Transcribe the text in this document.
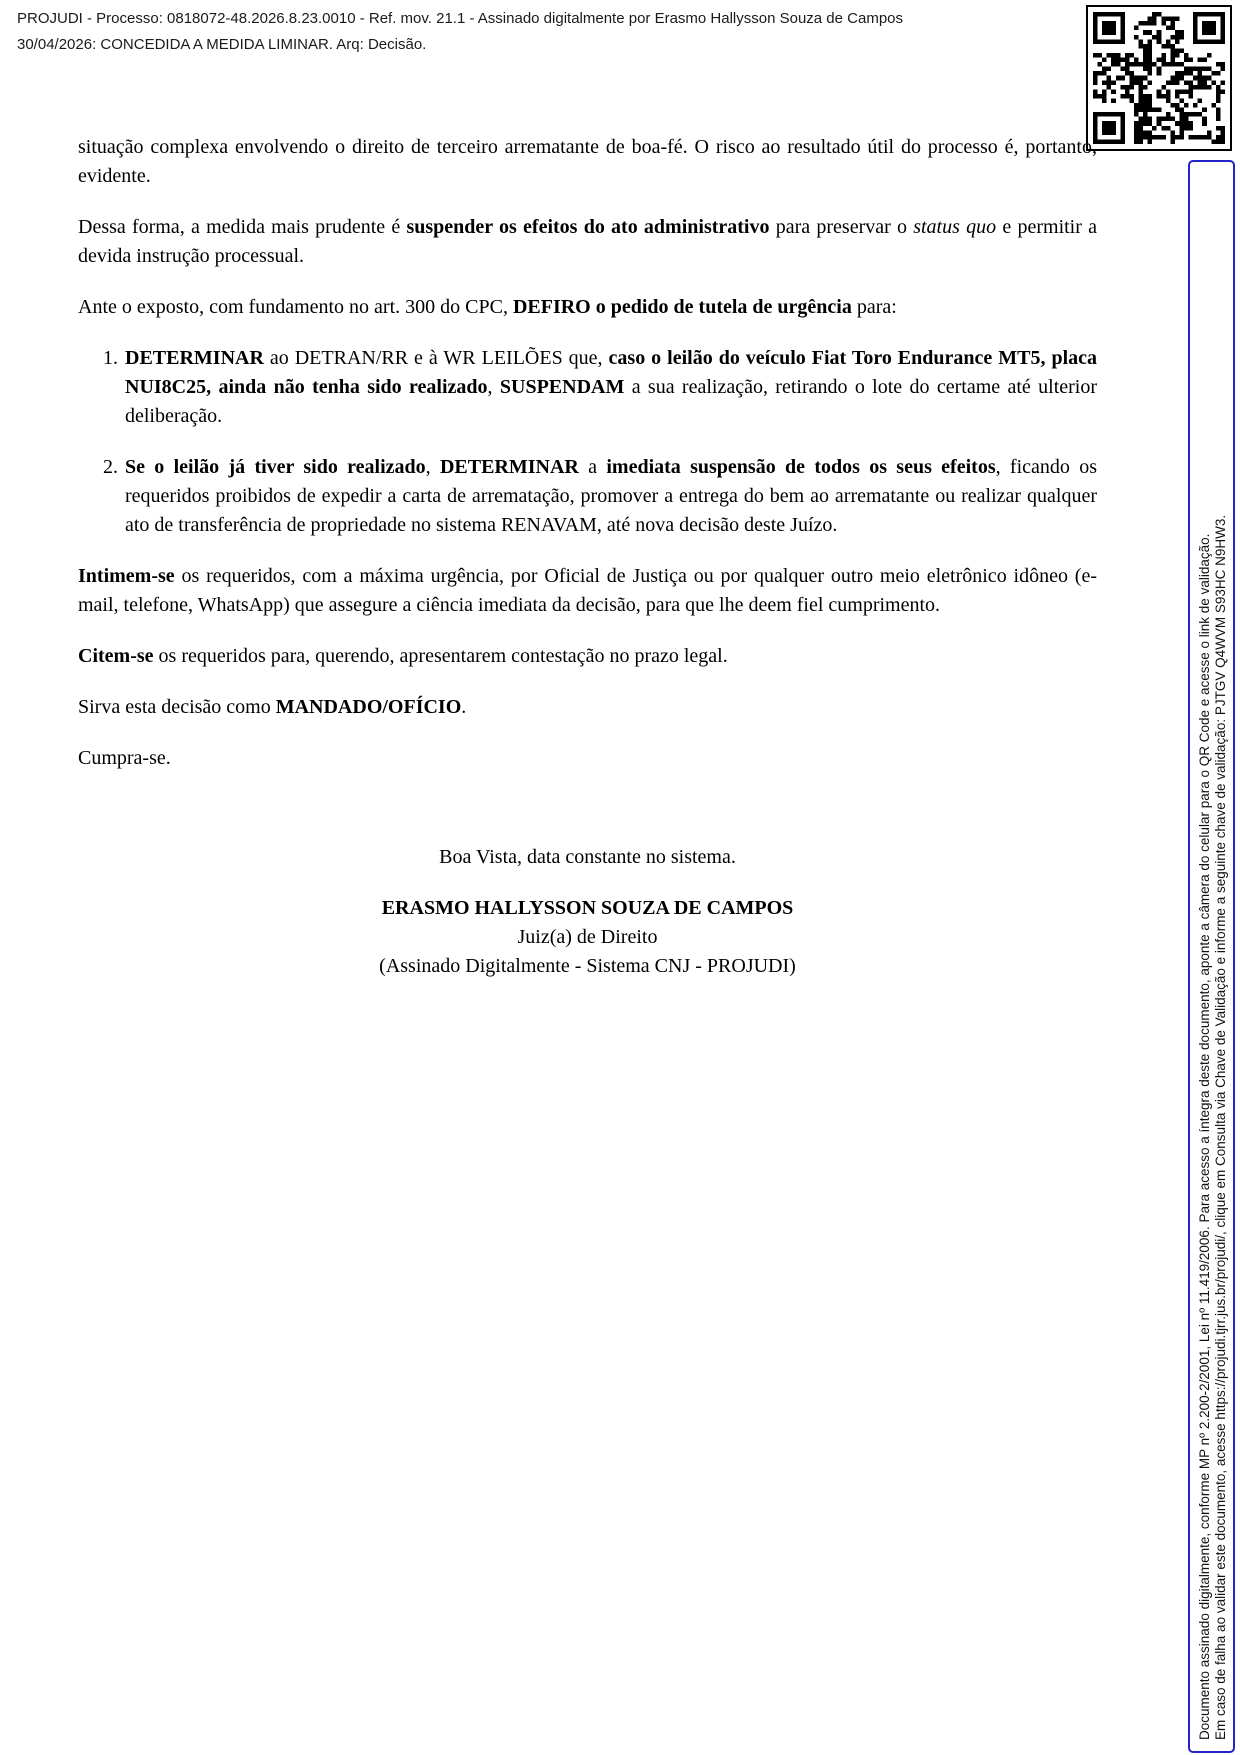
PROJUDI - Processo: 0818072-48.2026.8.23.0010 - Ref. mov. 21.1 - Assinado digitalmente por Erasmo Hallysson Souza de Campos
30/04/2026: CONCEDIDA A MEDIDA LIMINAR. Arq: Decisão.
Documento assinado digitalmente, conforme MP nº 2.200-2/2001, Lei nº 11.419/2006. Para acesso a íntegra deste documento, aponte a câmera do celular para o QR Code e acesse o link de validação. Em caso de falha ao validar este documento, acesse https://projudi.tjrr.jus.br/projudi/, clique em Consulta via Chave de Validação e informe a seguinte chave de validação: PJTGV Q4WVM S93HC N9HW3.
situação complexa envolvendo o direito de terceiro arrematante de boa-fé. O risco ao resultado útil do processo é, portanto, evidente.
Dessa forma, a medida mais prudente é suspender os efeitos do ato administrativo para preservar o status quo e permitir a devida instrução processual.
Ante o exposto, com fundamento no art. 300 do CPC, DEFIRO o pedido de tutela de urgência para:
1. DETERMINAR ao DETRAN/RR e à WR LEILÕES que, caso o leilão do veículo Fiat Toro Endurance MT5, placa NUI8C25, ainda não tenha sido realizado, SUSPENDAM a sua realização, retirando o lote do certame até ulterior deliberação.
2. Se o leilão já tiver sido realizado, DETERMINAR a imediata suspensão de todos os seus efeitos, ficando os requeridos proibidos de expedir a carta de arrematação, promover a entrega do bem ao arrematante ou realizar qualquer ato de transferência de propriedade no sistema RENAVAM, até nova decisão deste Juízo.
Intimem-se os requeridos, com a máxima urgência, por Oficial de Justiça ou por qualquer outro meio eletrônico idôneo (e-mail, telefone, WhatsApp) que assegure a ciência imediata da decisão, para que lhe deem fiel cumprimento.
Citem-se os requeridos para, querendo, apresentarem contestação no prazo legal.
Sirva esta decisão como MANDADO/OFÍCIO.
Cumpra-se.
Boa Vista, data constante no sistema.
ERASMO HALLYSSON SOUZA DE CAMPOS
Juiz(a) de Direito
(Assinado Digitalmente - Sistema CNJ - PROJUDI)
